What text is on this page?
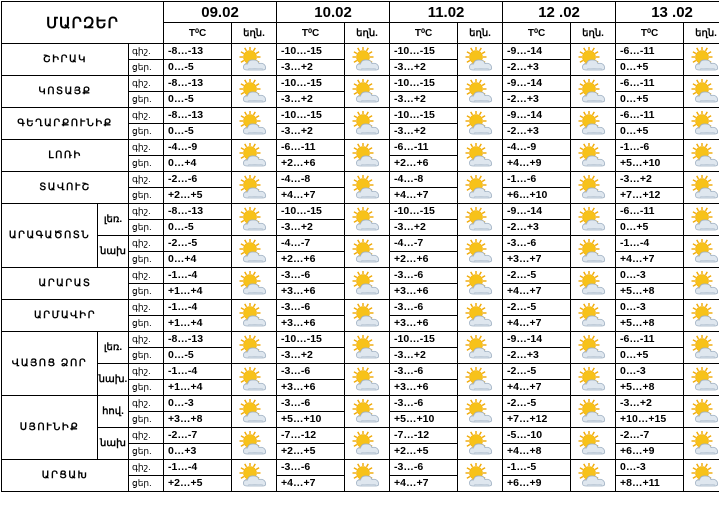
ՄԱՐԶԵՐ			09.02		10.02		11.02		12 .02		13 .02	
			T⁰C	եղն.	T⁰C	եղն.	T⁰C	եղն.	T⁰C	եղն.	T⁰C	եղն.
ՇԻՐԱԿ		գիշ.	-8…-13		-10…-15		-10…-15		-9…-14		-6…-11	

		ցեր.	0…-5		-3…+2		-3…+2		-2…+3		0…+5	
ԿՈՏԱՅՔ		գիշ.	-8…-13		-10…-15		-10…-15		-9…-14		-6…-11	

		ցեր.	0…-5		-3…+2		-3…+2		-2…+3		0…+5	
ԳԵՂԱՐՔՈՒՆԻՔ		գիշ.	-8…-13		-10…-15		-10…-15		-9…-14		-6…-11	

		ցեր.	0…-5		-3…+2		-3…+2		-2…+3		0…+5	
ԼՈՌԻ		գիշ.	-4…-9		-6…-11		-6…-11		-4…-9		-1…-6	

		ցեր.	0…+4		+2…+6		+2…+6		+4…+9		+5…+10	
ՏԱՎՈՒՇ		գիշ.	-2…-6		-4…-8		-4…-8		-1…-6		-3…+2	

		ցեր.	+2…+5		+4…+7		+4…+7		+6…+10		+7…+12	
ԱՐԱԳԱԾՈՏՆ	լեռ.	գիշ.	-8…-13		-10…-15		-10…-15		-9…-14		-6…-11	

		ցեր.	0…-5		-3…+2		-3…+2		-2…+3		0…+5	
	նախ	գիշ.	-2…-5		-4…-7		-4…-7		-3…-6		-1…-4	

		ցեր.	0…+4		+2…+6		+2…+6		+3…+7		+4…+7	
ԱՐԱՐԱՏ		գիշ.	-1…-4		-3…-6		-3…-6		-2…-5		0…-3	

		ցեր.	+1…+4		+3…+6		+3…+6		+4…+7		+5…+8	
ԱՐՄԱՎԻՐ		գիշ.	-1…-4		-3…-6		-3…-6		-2…-5		0…-3	

		ցեր.	+1…+4		+3…+6		+3…+6		+4…+7		+5…+8	
ՎԱՅՈՑ ՁՈՐ	լեռ.	գիշ.	-8…-13		-10…-15		-10…-15		-9…-14		-6…-11	

		ցեր.	0…-5		-3…+2		-3…+2		-2…+3		0…+5	
	նախ.	գիշ.	-1…-4		-3…-6		-3…-6		-2…-5		0…-3	

		ցեր.	+1…+4		+3…+6		+3…+6		+4…+7		+5…+8	
ՍՅՈՒՆԻՔ	հով.	գիշ.	0…-3		-3…-6		-3…-6		-2…-5		-3…+2	

		ցեր.	+3…+8		+5…+10		+5…+10		+7…+12		+10…+15	
	նախ	գիշ.	-2…-7		-7…-12		-7…-12		-5…-10		-2…-7	

		ցեր.	0…+3		+2…+5		+2…+5		+4…+8		+6…+9	
ԱՐՑԱԽ		գիշ.	-1…-4		-3…-6		-3…-6		-1…-5		0…-3	

		ցեր.	+2…+5		+4…+7		+4…+7		+6…+9		+8…+11	
